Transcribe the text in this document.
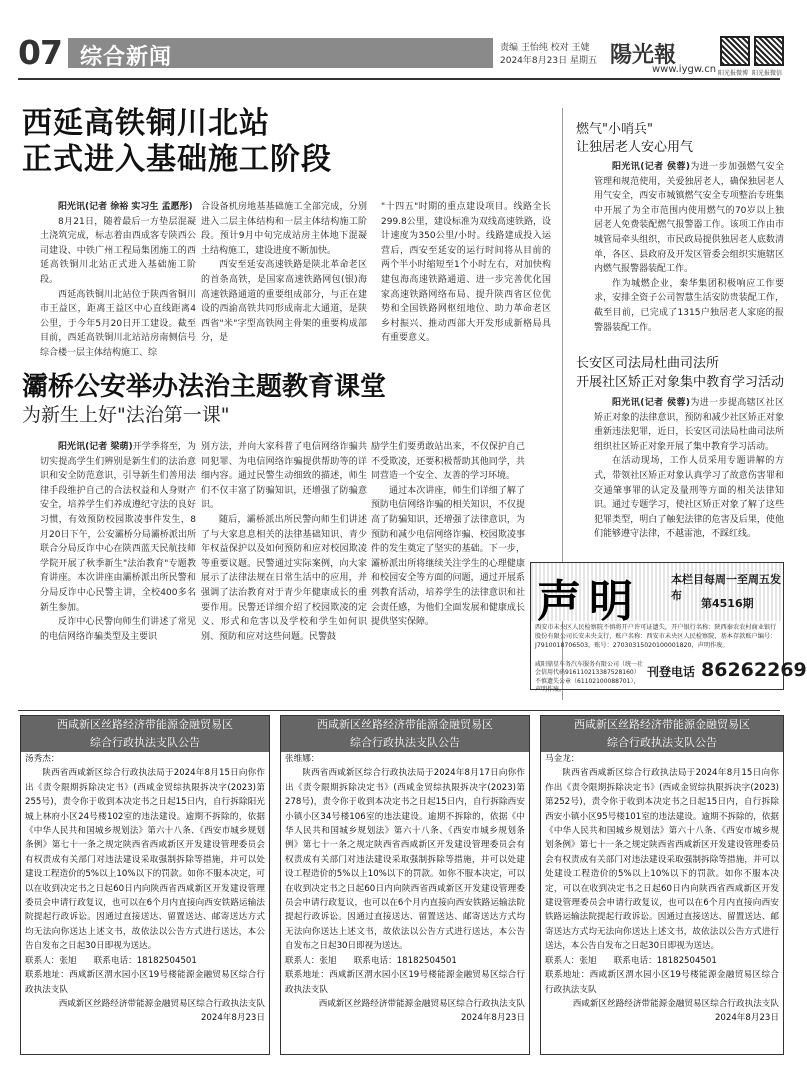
07 综合新闻	责编 王怡纯 校对 王婕
2024年8月23日 星期五 陽光報
www.iygw.cn 阳光报微博 阳光报微信
西延高铁铜川北站
正式进入基础施工阶段

阳光讯(记者 徐裕 实习生 孟愿彤)

8月21日，随着最后一方垫层混凝土浇筑完成，标志着由西成客专陕西公司建设、中铁广州工程局集团施工的西延高铁铜川北站正式进入基础施工阶段。

西延高铁铜川北站位于陕西省铜川市王益区，距离王益区中心直线距离4公里，于今年5月20日开工建设。截至目前，西延高铁铜川北站站房南侧信号综合楼一层主体结构施工、综

合设备机房地基基础施工全部完成，分别进入二层主体结构和一层主体结构施工阶段。预计9月中旬完成站房主体地下混凝土结构施工，建设进度不断加快。

西安至延安高速铁路是陕北革命老区的首条高铁，是国家高速铁路网包(银)海高速铁路通道的重要组成部分，与正在建设的西渝高铁共同形成南北大通道，是陕西省"米"字型高铁网主骨架的重要构成部分，是

"十四五"时期的重点建设项目。线路全长299.8公里，建设标准为双线高速铁路，设计速度为350公里/小时。线路建成投入运营后，西安至延安的运行时间将从目前的两个半小时缩短至1个小时左右，对加快构建包海高速铁路通道、进一步完善优化国家高速铁路网络布局、提升陕西省区位优势和全国铁路网枢纽地位、助力革命老区乡村振兴、推动西部大开发形成新格局具有重要意义。

灞桥公安举办法治主题教育课堂
为新生上好"法治第一课"

阳光讯(记者 梁萌)开学季将至，为切实提高学生们辨别是新生们的法治意识和安全防范意识，引导新生们善用法律手段维护自己的合法权益和人身财产安全，培养学生们养成遵纪守法的良好习惯，有效预防校园欺凌事件发生，8月20日下午，公安灞桥分局灞桥派出所联合分局反诈中心在陕西蓝天民航技师学院开展了秋季新生"法治教育"专题教育讲座。本次讲座由灞桥派出所民警和分局反诈中心民警主讲，全校400多名新生参加。

反诈中心民警向师生们讲述了常见的电信网络诈骗类型及主要识

别方法，并向大家科普了电信网络诈骗共同犯罪、为电信网络诈骗提供帮助等的详细内容。通过民警生动细致的描述，师生们不仅丰富了防骗知识，还增强了防骗意识。

随后，灞桥派出所民警向师生们讲述了与大家息息相关的法律基础知识、青少年权益保护以及如何预防和应对校园欺凌等重要议题。民警通过实际案例，向大家展示了法律法规在日常生活中的应用，并强调了法治教育对于青少年健康成长的重要作用。民警还详细介绍了校园欺凌的定义、形式和危害以及学校和学生如何识别、预防和应对这些问题。民警鼓

励学生们要勇敢站出来，不仅保护自己不受欺凌，还要积极帮助其他同学，共同营造一个安全、友善的学习环境。

通过本次讲座，师生们详细了解了预防电信网络诈骗的相关知识，不仅提高了防骗知识，还增强了法律意识，为预防和减少电信网络诈骗、校园欺凌事件的发生奠定了坚实的基础。下一步，灞桥派出所将继续关注学生的心理健康和校园安全等方面的问题，通过开展系列教育活动，培养学生的法律意识和社会责任感，为他们全面发展和健康成长提供坚实保障。

燃气"小哨兵"
让独居老人安心用气

阳光讯(记者 侯蓉)为进一步加强燃气安全管理和规范使用，关爱独居老人，确保独居老人用气安全，西安市城镇燃气安全专项整治专班集中开展了为全市范围内使用燃气的70岁以上独居老人免费装配燃气报警器工作。该项工作由市城管局牵头组织，市民政局提供独居老人底数清单，各区、县政府及开发区管委会组织实施辖区内燃气报警器装配工作。

作为城燃企业，秦华集团积极响应工作要求，安排全资子公司智慧生活安防贵装配工作，截至目前，已完成了1315户独居老人家庭的报警器装配工作。

长安区司法局杜曲司法所
开展社区矫正对象集中教育学习活动

阳光讯(记者 侯蓉)为进一步提高辖区社区矫正对象的法律意识，预防和减少社区矫正对象重新违法犯罪，近日，长安区司法局杜曲司法所组织社区矫正对象开展了集中教育学习活动。

在活动现场，工作人员采用专题讲解的方式，带领社区矫正对象认真学习了故意伤害罪和交通肇事罪的认定及量刑等方面的相关法律知识。通过专题学习，使社区矫正对象了解了这些犯罪类型，明白了触犯法律的危害及后果，使他们能够遵守法律，不越雷池，不踩红线。

声明	本栏目每周一至周五发布
第4516期
西安市未央区人民检察院不慎将开户许可证遗失，开户银行名称：陕西秦农农村商业银行股份有限公司长安未央支行，账户名称：西安市未央区人民检察院，基本存款账户编号：J7910018706503，账号：27030315020100001820，声明作废。
咸阳鼎星车务汽车服务有限公司（统一社会信用代码916110213387528160）不慎遗失公章（61102100088701），声明作废。
刊登电话 86262269
西咸新区丝路经济带能源金融贸易区
综合行政执法支队公告

汤秀杰：

陕西省西咸新区综合行政执法局于2024年8月15日向你作出《责令限期拆除决定书》(西咸金贸综执限拆决字(2023)第255号)，责令你于收到本决定书之日起15日内，自行拆除阳光城上林府小区24号楼102室的违法建设。逾期不拆除的，依据《中华人民共和国城乡规划法》第六十八条、《西安市城乡规划条例》第七十一条之规定陕西省西咸新区开发建设管理委员会有权责成有关部门对违法建设采取强制拆除等措施，并可以处建设工程造价的5%以上10%以下的罚款。如你不服本决定，可以在收到决定书之日起60日内向陕西省西咸新区开发建设管理委员会申请行政复议，也可以在6个月内直接向西安铁路运输法院提起行政诉讼。因通过直接送达、留置送达、邮寄送达方式均无法向你送达上述文书，故依法以公告方式进行送达，本公告自发布之日起30日即视为送达。

联系人：张旭　　联系电话：18182504501

联系地址：西咸新区渭水园小区19号楼能源金融贸易区综合行政执法支队

西咸新区丝路经济带能源金融贸易区综合行政执法支队

2024年8月23日

西咸新区丝路经济带能源金融贸易区
综合行政执法支队公告

张维娜：

陕西省西咸新区综合行政执法局于2024年8月17日向你作出《责令限期拆除决定书》(西咸金贸综执限拆决字(2023)第278号)，责令你于收到本决定书之日起15日内，自行拆除西安小镇小区34号楼106室的违法建设。逾期不拆除的，依据《中华人民共和国城乡规划法》第六十八条、《西安市城乡规划条例》第七十一条之规定陕西省西咸新区开发建设管理委员会有权责成有关部门对违法建设采取强制拆除等措施，并可以处建设工程造价的5%以上10%以下的罚款。如你不服本决定，可以在收到决定书之日起60日内向陕西省西咸新区开发建设管理委员会申请行政复议，也可以在6个月内直接向西安铁路运输法院提起行政诉讼。因通过直接送达、留置送达、邮寄送达方式均无法向你送达上述文书，故依法以公告方式进行送达，本公告自发布之日起30日即视为送达。

联系人：张旭　　联系电话：18182504501

联系地址：西咸新区渭水园小区19号楼能源金融贸易区综合行政执法支队

西咸新区丝路经济带能源金融贸易区综合行政执法支队

2024年8月23日

西咸新区丝路经济带能源金融贸易区
综合行政执法支队公告

马金龙：

陕西省西咸新区综合行政执法局于2024年8月15日向你作出《责令限期拆除决定书》(西咸金贸综执限拆决字(2023)第252号)，责令你于收到本决定书之日起15日内，自行拆除西安小镇小区95号楼101室的违法建设。逾期不拆除的，依据《中华人民共和国城乡规划法》第六十八条、《西安市城乡规划条例》第七十一条之规定陕西省西咸新区开发建设管理委员会有权责成有关部门对违法建设采取强制拆除等措施，并可以处建设工程造价的5%以上10%以下的罚款。如你不服本决定，可以在收到决定书之日起60日内向陕西省西咸新区开发建设管理委员会申请行政复议，也可以在6个月内直接向西安铁路运输法院提起行政诉讼。因通过直接送达、留置送达、邮寄送达方式均无法向你送达上述文书，故依法以公告方式进行送达，本公告自发布之日起30日即视为送达。

联系人：张旭　　联系电话：18182504501

联系地址：西咸新区渭水园小区19号楼能源金融贸易区综合行政执法支队

西咸新区丝路经济带能源金融贸易区综合行政执法支队

2024年8月23日
